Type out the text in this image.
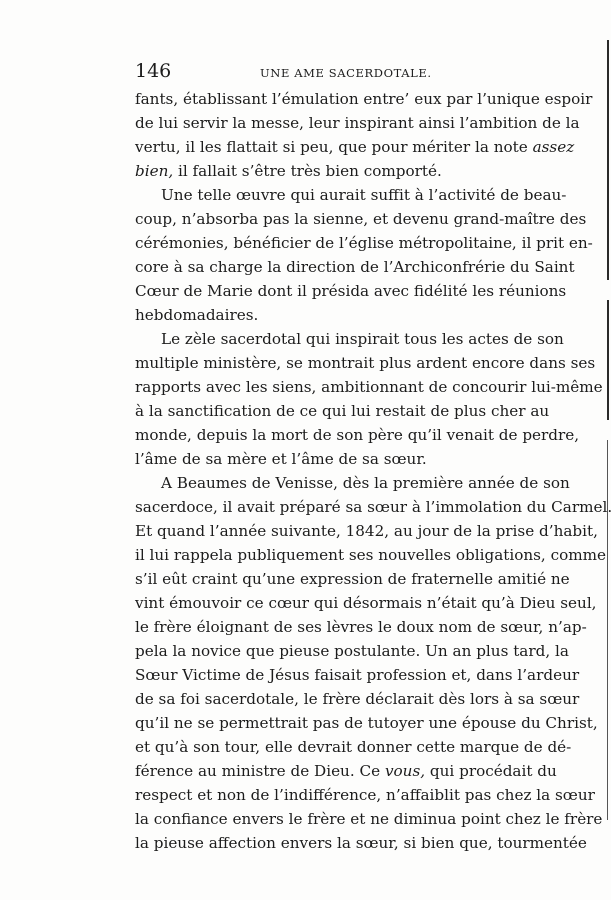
146	UNE AME SACERDOTALE.
fants, établissant l’émulation entre’ eux par l’unique espoir
de lui servir la messe, leur inspirant ainsi l’ambition de la
vertu, il les flattait si peu, que pour mériter la note assez
bien, il fallait s’être très bien comporté.
Une telle œuvre qui aurait suffit à l’activité de beau-
coup, n’absorba pas la sienne, et devenu grand-maître des
cérémonies, bénéficier de l’église métropolitaine, il prit en-
core à sa charge la direction de l’Archiconfrérie du Saint
Cœur de Marie dont il présida avec fidélité les réunions
hebdomadaires.
Le zèle sacerdotal qui inspirait tous les actes de son
multiple ministère, se montrait plus ardent encore dans ses
rapports avec les siens, ambitionnant de concourir lui-même
à la sanctification de ce qui lui restait de plus cher au
monde, depuis la mort de son père qu’il venait de perdre,
l’âme de sa mère et l’âme de sa sœur.
A Beaumes de Venisse, dès la première année de son
sacerdoce, il avait préparé sa sœur à l’immolation du Carmel.
Et quand l’année suivante, 1842, au jour de la prise d’habit,
il lui rappela publiquement ses nouvelles obligations, comme
s’il eût craint qu’une expression de fraternelle amitié ne
vint émouvoir ce cœur qui désormais n’était qu’à Dieu seul,
le frère éloignant de ses lèvres le doux nom de sœur, n’ap-
pela la novice que pieuse postulante. Un an plus tard, la
Sœur Victime de Jésus faisait profession et, dans l’ardeur
de sa foi sacerdotale, le frère déclarait dès lors à sa sœur
qu’il ne se permettrait pas de tutoyer une épouse du Christ,
et qu’à son tour, elle devrait donner cette marque de dé-
férence au ministre de Dieu. Ce vous, qui procédait du
respect et non de l’indifférence, n’affaiblit pas chez la sœur
la confiance envers le frère et ne diminua point chez le frère
la pieuse affection envers la sœur, si bien que, tourmentée
